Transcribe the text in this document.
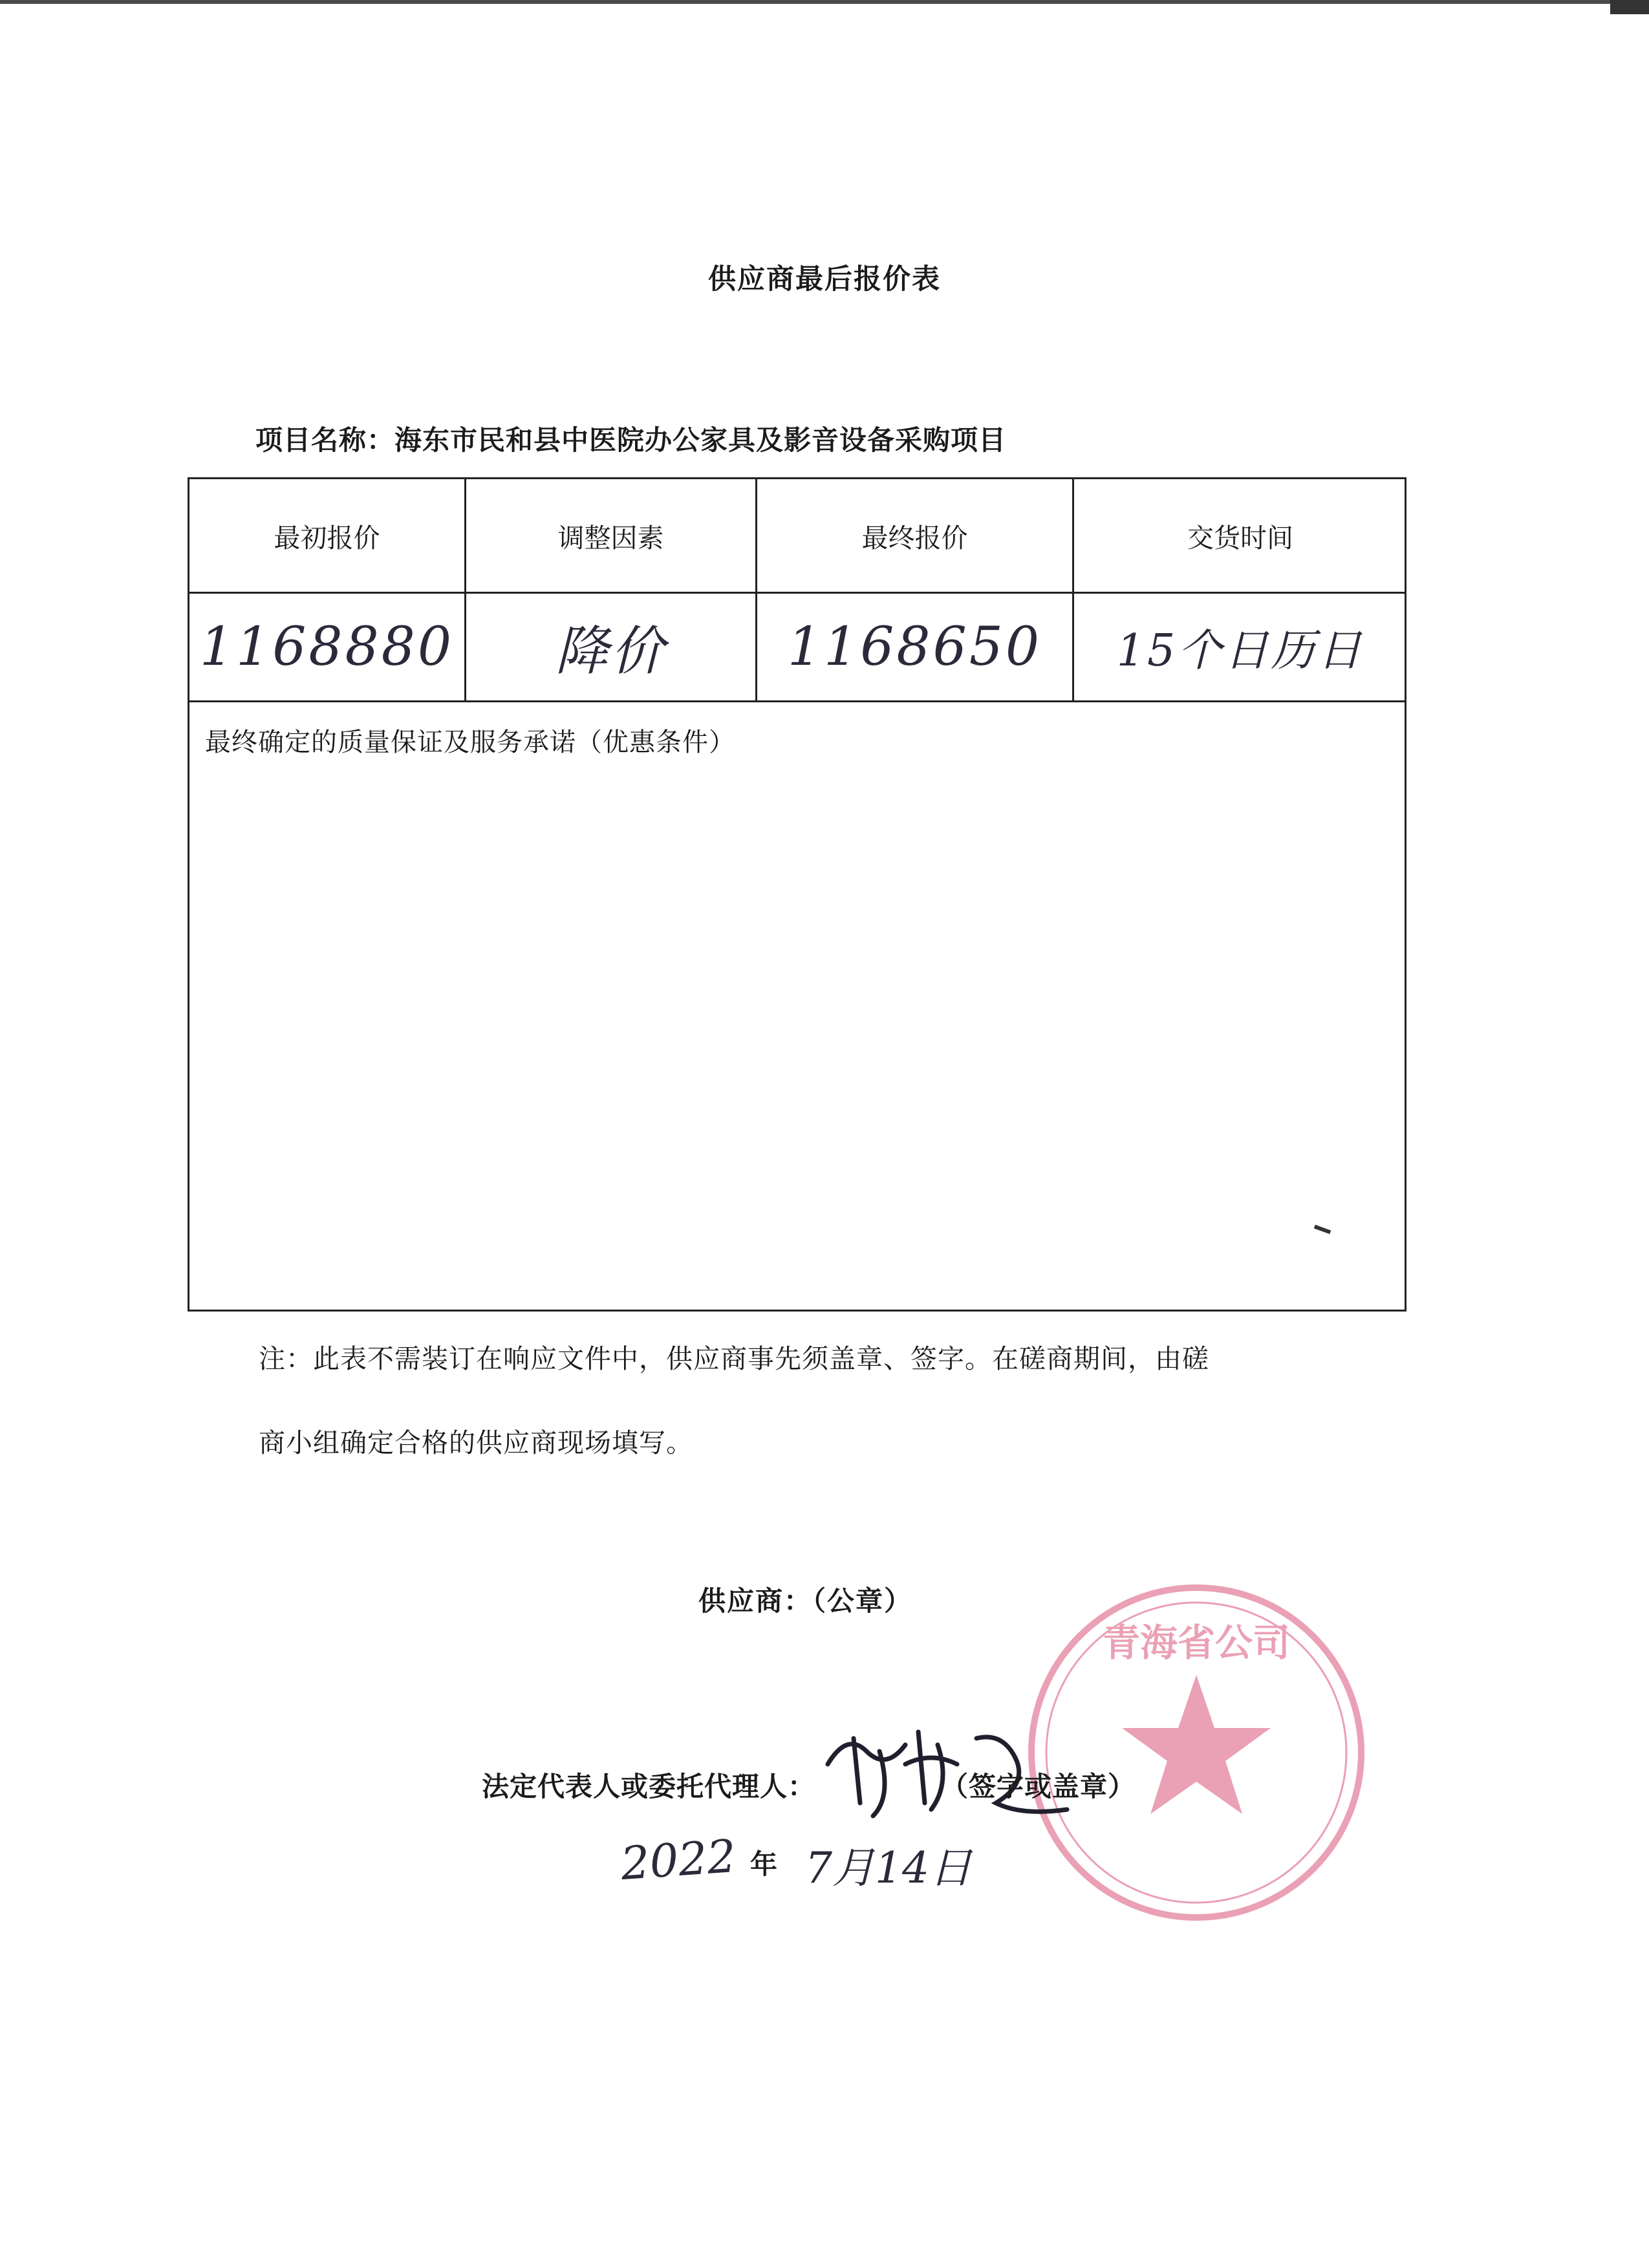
供应商最后报价表
项目名称：海东市民和县中医院办公家具及影音设备采购项目
最初报价	调整因素	最终报价	交货时间
1168880 降价 1168650 15个日历日
最终确定的质量保证及服务承诺（优惠条件）
注：此表不需装订在响应文件中，供应商事先须盖章、签字。在磋商期间，由磋
商小组确定合格的供应商现场填写。
供应商：（公章）
青海省公司
法定代表人或委托代理人：	（签字或盖章）
2022 年 7月14日
